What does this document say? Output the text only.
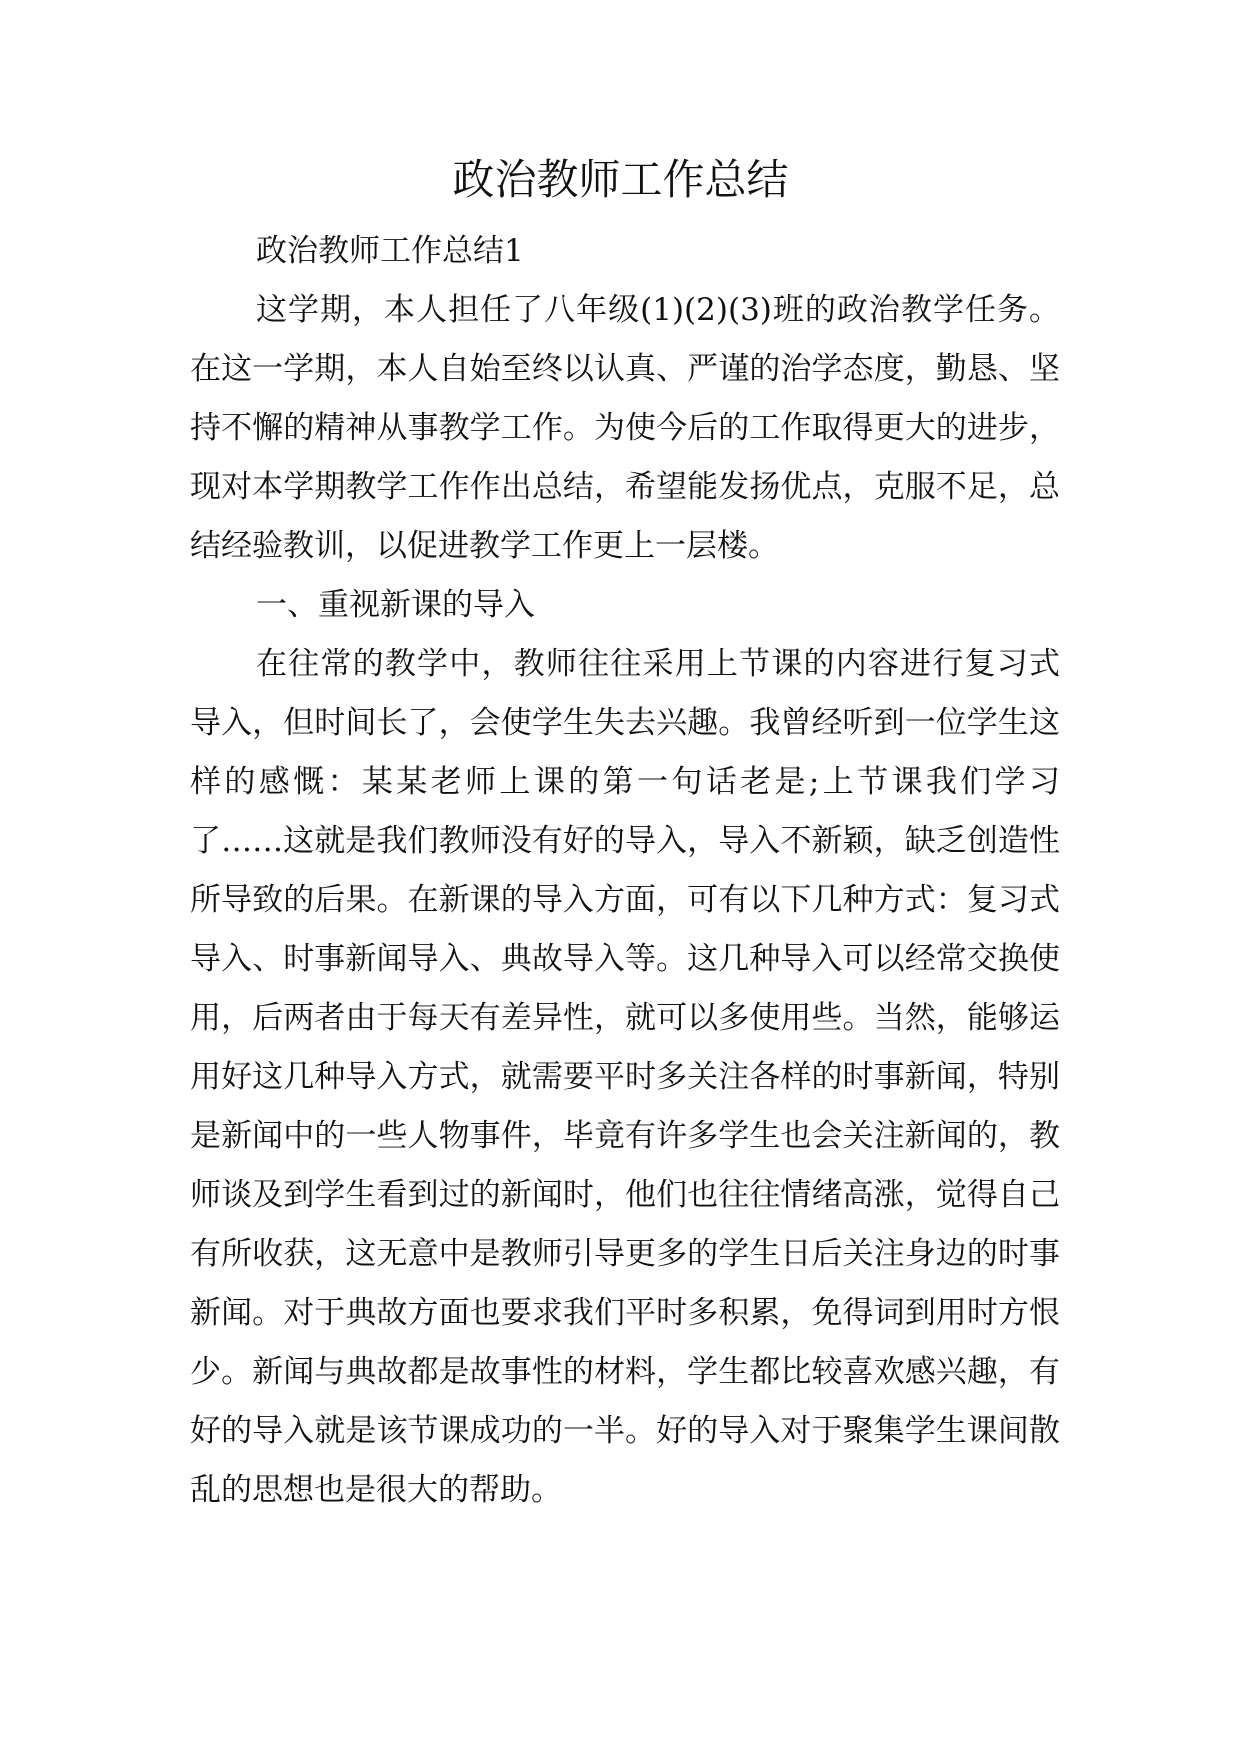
政治教师工作总结

政治教师工作总结1

这学期，本人担任了八年级(1)(2)(3)班的政治教学任务。在这一学期，本人自始至终以认真、严谨的治学态度，勤恳、坚持不懈的精神从事教学工作。为使今后的工作取得更大的进步，现对本学期教学工作作出总结，希望能发扬优点，克服不足，总结经验教训，以促进教学工作更上一层楼。

一、重视新课的导入

在往常的教学中，教师往往采用上节课的内容进行复习式导入，但时间长了，会使学生失去兴趣。我曾经听到一位学生这样的感慨：某某老师上课的第一句话老是;上节课我们学习了……这就是我们教师没有好的导入，导入不新颖，缺乏创造性所导致的后果。在新课的导入方面，可有以下几种方式：复习式导入、时事新闻导入、典故导入等。这几种导入可以经常交换使用，后两者由于每天有差异性，就可以多使用些。当然，能够运用好这几种导入方式，就需要平时多关注各样的时事新闻，特别是新闻中的一些人物事件，毕竟有许多学生也会关注新闻的，教师谈及到学生看到过的新闻时，他们也往往情绪高涨，觉得自己有所收获，这无意中是教师引导更多的学生日后关注身边的时事新闻。对于典故方面也要求我们平时多积累，免得词到用时方恨少。新闻与典故都是故事性的材料，学生都比较喜欢感兴趣，有好的导入就是该节课成功的一半。好的导入对于聚集学生课间散乱的思想也是很大的帮助。
